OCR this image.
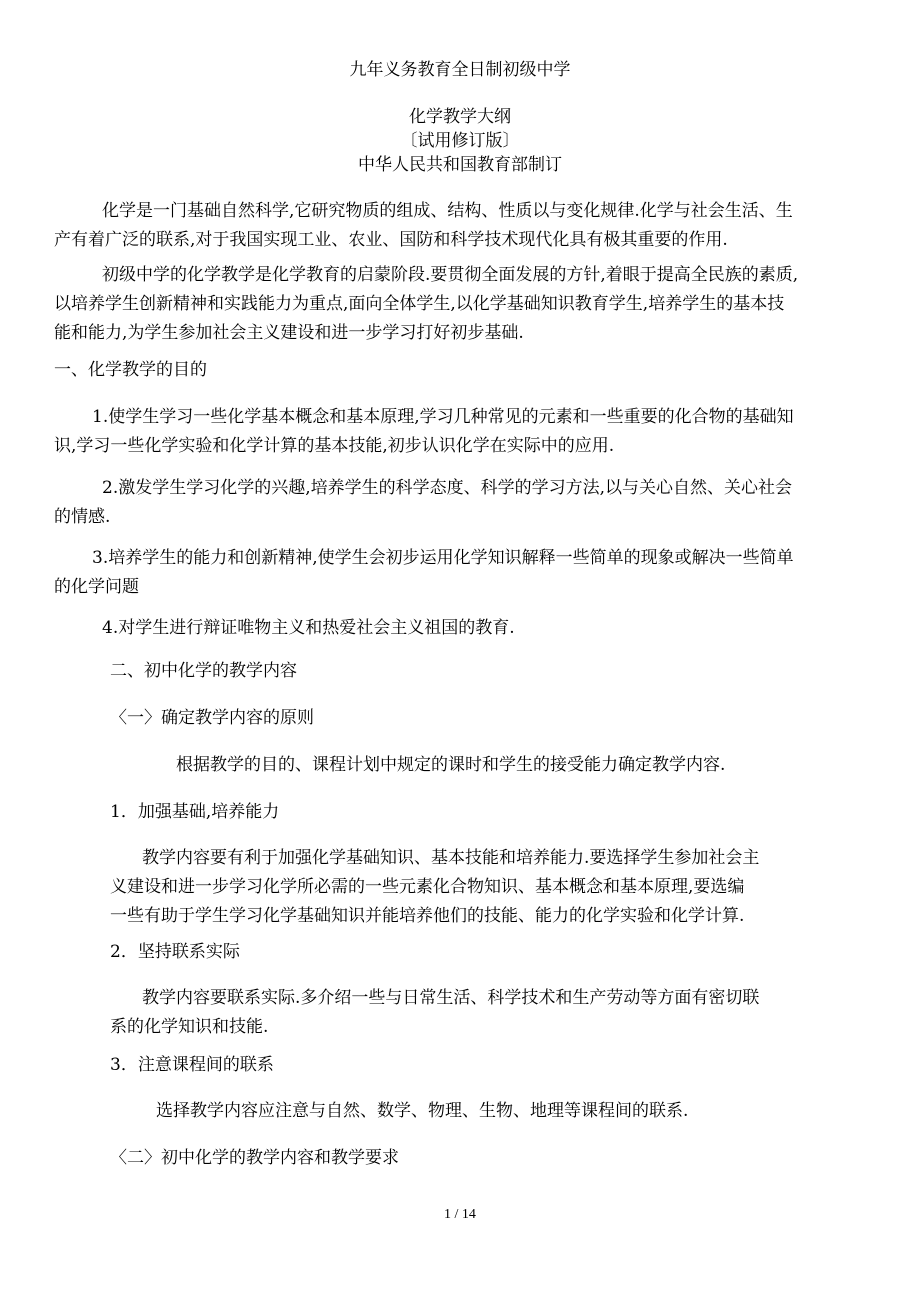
九年义务教育全日制初级中学
化学教学大纲
〔试用修订版〕
中华人民共和国教育部制订
化学是一门基础自然科学,它研究物质的组成、结构、性质以与变化规律.化学与社会生活、生
产有着广泛的联系,对于我国实现工业、农业、国防和科学技术现代化具有极其重要的作用.
初级中学的化学教学是化学教育的启蒙阶段.要贯彻全面发展的方针,着眼于提高全民族的素质,
以培养学生创新精神和实践能力为重点,面向全体学生,以化学基础知识教育学生,培养学生的基本技
能和能力,为学生参加社会主义建设和进一步学习打好初步基础.
一、化学教学的目的
1.使学生学习一些化学基本概念和基本原理,学习几种常见的元素和一些重要的化合物的基础知
识,学习一些化学实验和化学计算的基本技能,初步认识化学在实际中的应用.
2.激发学生学习化学的兴趣,培养学生的科学态度、科学的学习方法,以与关心自然、关心社会
的情感.
3.培养学生的能力和创新精神,使学生会初步运用化学知识解释一些简单的现象或解决一些简单
的化学问题
4.对学生进行辩证唯物主义和热爱社会主义祖国的教育.
二、初中化学的教学内容
〈一〉确定教学内容的原则
根据教学的目的、课程计划中规定的课时和学生的接受能力确定教学内容.
1．加强基础,培养能力
教学内容要有利于加强化学基础知识、基本技能和培养能力.要选择学生参加社会主
义建设和进一步学习化学所必需的一些元素化合物知识、基本概念和基本原理,要选编
一些有助于学生学习化学基础知识并能培养他们的技能、能力的化学实验和化学计算.
2．坚持联系实际
教学内容要联系实际.多介绍一些与日常生活、科学技术和生产劳动等方面有密切联
系的化学知识和技能.
3．注意课程间的联系
选择教学内容应注意与自然、数学、物理、生物、地理等课程间的联系.
〈二〉初中化学的教学内容和教学要求
1 / 14
